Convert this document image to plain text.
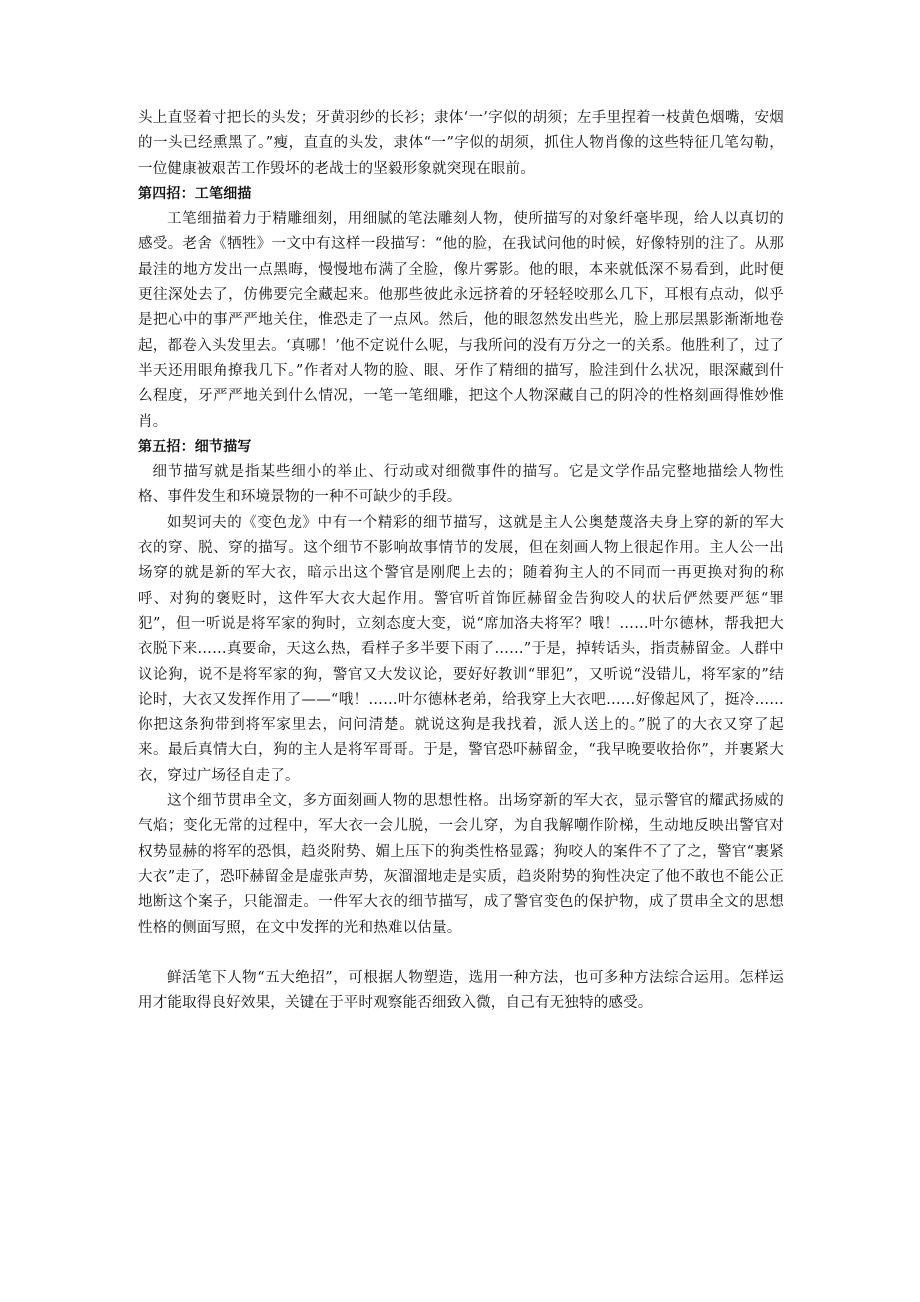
头上直竖着寸把长的头发；牙黄羽纱的长衫；隶体‘一’字似的胡须；左手里捏着一枝黄色烟嘴，安烟的一头已经熏黑了。”瘦，直直的头发，隶体“一”字似的胡须，抓住人物肖像的这些特征几笔勾勒，一位健康被艰苦工作毁坏的老战士的坚毅形象就突现在眼前。

第四招：工笔细描

工笔细描着力于精雕细刻，用细腻的笔法雕刻人物，使所描写的对象纤毫毕现，给人以真切的感受。老舍《牺牲》一文中有这样一段描写：“他的脸，在我试问他的时候，好像特别的注了。从那最洼的地方发出一点黑晦，慢慢地布满了全脸，像片雾影。他的眼，本来就低深不易看到，此时便更往深处去了，仿佛要完全藏起来。他那些彼此永远挤着的牙轻轻咬那么几下，耳根有点动，似乎是把心中的事严严地关住，惟恐走了一点风。然后，他的眼忽然发出些光，脸上那层黑影渐渐地卷起，都卷入头发里去。‘真哪！’他不定说什么呢，与我所问的没有万分之一的关系。他胜利了，过了半天还用眼角撩我几下。”作者对人物的脸、眼、牙作了精细的描写，脸洼到什么状况，眼深藏到什么程度，牙严严地关到什么情况，一笔一笔细雕，把这个人物深藏自己的阴冷的性格刻画得惟妙惟肖。

第五招：细节描写

细节描写就是指某些细小的举止、行动或对细微事件的描写。它是文学作品完整地描绘人物性格、事件发生和环境景物的一种不可缺少的手段。

如契诃夫的《变色龙》中有一个精彩的细节描写，这就是主人公奥楚蔑洛夫身上穿的新的军大衣的穿、脱、穿的描写。这个细节不影响故事情节的发展，但在刻画人物上很起作用。主人公一出场穿的就是新的军大衣，暗示出这个警官是刚爬上去的；随着狗主人的不同而一再更换对狗的称呼、对狗的褒贬时，这件军大衣大起作用。警官听首饰匠赫留金告狗咬人的状后俨然要严惩“罪犯”，但一听说是将军家的狗时，立刻态度大变，说“席加洛夫将军？哦！……叶尔德林，帮我把大衣脱下来……真要命，天这么热，看样子多半要下雨了……”于是，掉转话头，指责赫留金。人群中议论狗，说不是将军家的狗，警官又大发议论，要好好教训“罪犯”，又听说“没错儿，将军家的”结论时，大衣又发挥作用了——“哦！……叶尔德林老弟，给我穿上大衣吧……好像起风了，挺冷……你把这条狗带到将军家里去，问问清楚。就说这狗是我找着，派人送上的。”脱了的大衣又穿了起来。最后真情大白，狗的主人是将军哥哥。于是，警官恐吓赫留金，“我早晚要收拾你”，并裹紧大衣，穿过广场径自走了。

这个细节贯串全文，多方面刻画人物的思想性格。出场穿新的军大衣，显示警官的耀武扬威的气焰；变化无常的过程中，军大衣一会儿脱，一会儿穿，为自我解嘲作阶梯，生动地反映出警官对权势显赫的将军的恐惧，趋炎附势、媚上压下的狗类性格显露；狗咬人的案件不了了之，警官“裹紧大衣”走了，恐吓赫留金是虚张声势，灰溜溜地走是实质，趋炎附势的狗性决定了他不敢也不能公正地断这个案子，只能溜走。一件军大衣的细节描写，成了警官变色的保护物，成了贯串全文的思想性格的侧面写照，在文中发挥的光和热难以估量。

鲜活笔下人物“五大绝招”，可根据人物塑造，选用一种方法，也可多种方法综合运用。怎样运用才能取得良好效果，关键在于平时观察能否细致入微，自己有无独特的感受。
